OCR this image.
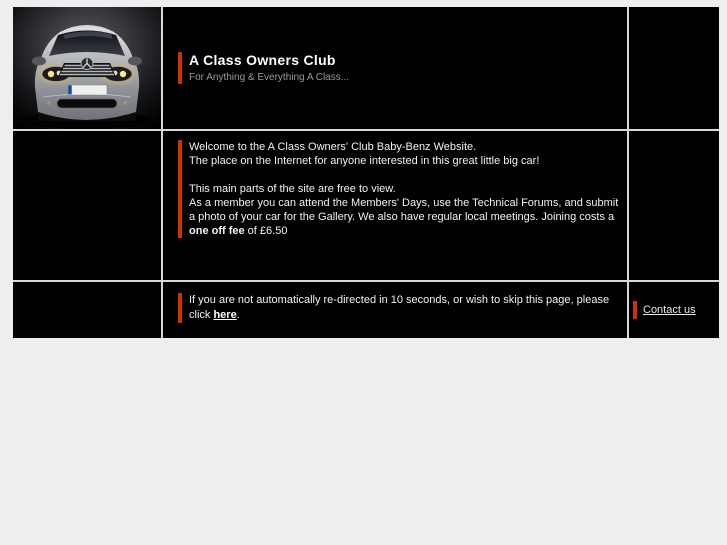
A Class Owners Club
For Anything & Everything A Class...
Welcome to the A Class Owners' Club Baby-Benz Website.
The place on the Internet for anyone interested in this great little big car!

This main parts of the site are free to view.
As a member you can attend the Members' Days, use the Technical Forums, and submit a photo of your car for the Gallery. We also have regular local meetings. Joining costs a one off fee of £6.50
If you are not automatically re-directed in 10 seconds, or wish to skip this page, please click here.	Contact us
